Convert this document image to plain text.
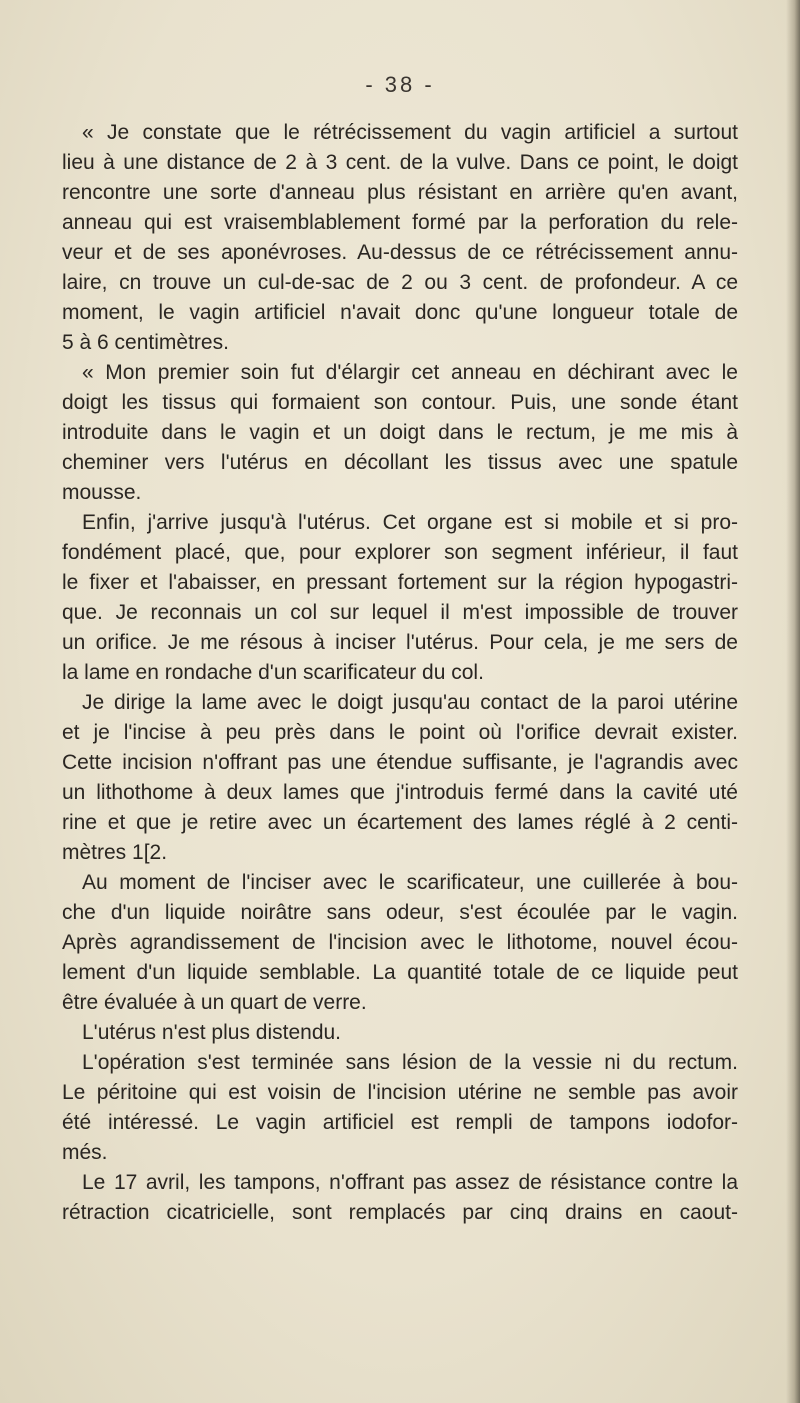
- 38 -
« Je constate que le rétrécissement du vagin artificiel a surtout
lieu à une distance de 2 à 3 cent. de la vulve. Dans ce point, le doigt
rencontre une sorte d'anneau plus résistant en arrière qu'en avant,
anneau qui est vraisemblablement formé par la perforation du rele-
veur et de ses aponévroses. Au-dessus de ce rétrécissement annu-
laire, cn trouve un cul-de-sac de 2 ou 3 cent. de profondeur. A ce
moment, le vagin artificiel n'avait donc qu'une longueur totale de
5 à 6 centimètres.
« Mon premier soin fut d'élargir cet anneau en déchirant avec le
doigt les tissus qui formaient son contour. Puis, une sonde étant
introduite dans le vagin et un doigt dans le rectum, je me mis à
cheminer vers l'utérus en décollant les tissus avec une spatule
mousse.
Enfin, j'arrive jusqu'à l'utérus. Cet organe est si mobile et si pro-
fondément placé, que, pour explorer son segment inférieur, il faut
le fixer et l'abaisser, en pressant fortement sur la région hypogastri-
que. Je reconnais un col sur lequel il m'est impossible de trouver
un orifice. Je me résous à inciser l'utérus. Pour cela, je me sers de
la lame en rondache d'un scarificateur du col.
Je dirige la lame avec le doigt jusqu'au contact de la paroi utérine
et je l'incise à peu près dans le point où l'orifice devrait exister.
Cette incision n'offrant pas une étendue suffisante, je l'agrandis avec
un lithothome à deux lames que j'introduis fermé dans la cavité uté
rine et que je retire avec un écartement des lames réglé à 2 centi-
mètres 1[2.
Au moment de l'inciser avec le scarificateur, une cuillerée à bou-
che d'un liquide noirâtre sans odeur, s'est écoulée par le vagin.
Après agrandissement de l'incision avec le lithotome, nouvel écou-
lement d'un liquide semblable. La quantité totale de ce liquide peut
être évaluée à un quart de verre.
L'utérus n'est plus distendu.
L'opération s'est terminée sans lésion de la vessie ni du rectum.
Le péritoine qui est voisin de l'incision utérine ne semble pas avoir
été intéressé. Le vagin artificiel est rempli de tampons iodofor-
més.
Le 17 avril, les tampons, n'offrant pas assez de résistance contre la
rétraction cicatricielle, sont remplacés par cinq drains en caout-
